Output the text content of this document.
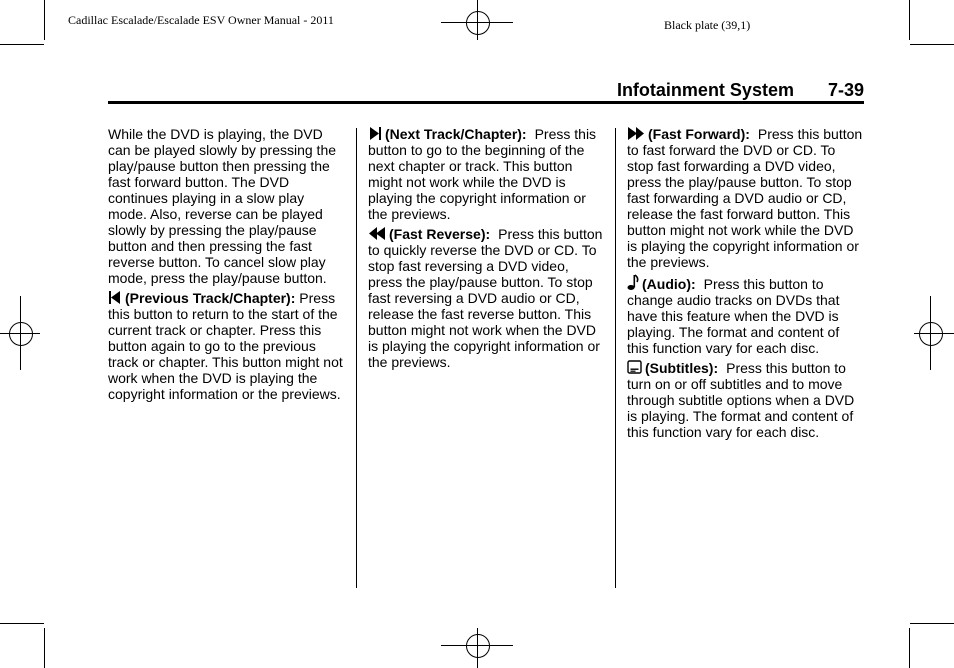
Cadillac Escalade/Escalade ESV Owner Manual - 2011	Black plate (39,1)
Infotainment System 7-39

While the DVD is playing, the DVD can be played slowly by pressing the play/pause button then pressing the fast forward button. The DVD continues playing in a slow play mode. Also, reverse can be played slowly by pressing the play/pause button and then pressing the fast reverse button. To cancel slow play mode, press the play/pause button.

(Previous Track/Chapter): Press this button to return to the start of the current track or chapter. Press this button again to go to the previous track or chapter. This button might not work when the DVD is playing the copyright information or the previews.

(Next Track/Chapter): Press this button to go to the beginning of the next chapter or track. This button might not work while the DVD is playing the copyright information or the previews.

(Fast Reverse): Press this button to quickly reverse the DVD or CD. To stop fast reversing a DVD video, press the play/pause button. To stop fast reversing a DVD audio or CD, release the fast reverse button. This button might not work when the DVD is playing the copyright information or the previews.

(Fast Forward): Press this button to fast forward the DVD or CD. To stop fast forwarding a DVD video, press the play/pause button. To stop fast forwarding a DVD audio or CD, release the fast forward button. This button might not work while the DVD is playing the copyright information or the previews.

(Audio): Press this button to change audio tracks on DVDs that have this feature when the DVD is playing. The format and content of this function vary for each disc.

(Subtitles): Press this button to turn on or off subtitles and to move through subtitle options when a DVD is playing. The format and content of this function vary for each disc.
